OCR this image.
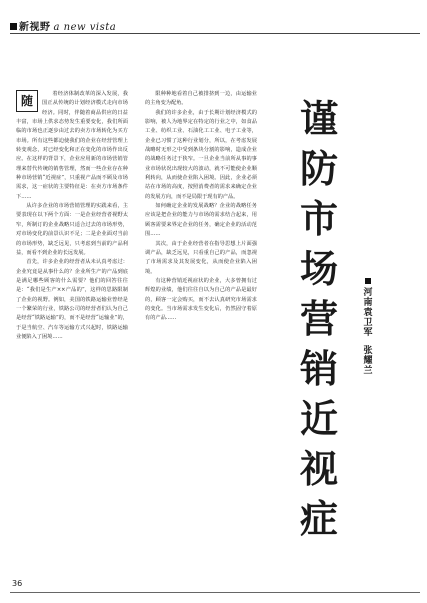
新视野 a new vista
随	着经济体制改革的深入发展，我国正从传统的计划经济模式走向市场经济。同时，伴随着商品供应的日益丰富，市场上供求态势发生重要变化，我们所面临的市场也正逐步由过去的卖方市场转化为买方市场。所有这些都迫使我们的企业在经营管理上转变观念，对已经变化和正在变化的市场作出反应。在这样的背景下，企业应用新的市场营销管理来替代传统的销售管理，然而一些企业存在种种市场营销“近视症”，只重视产品而不顾及市场需求，这一症状的主要特征是：在卖方市场条件下……

从许多企业的市场营销管理的实践来看，主要表现在以下两个方面：一是企业经营者视野太窄，所制订的企业战略只适合过去的市场形势，对市场变化的前景认识不足；二是企业面对当前的市场形势，缺乏远见，只考虑到当前的产品利益，而看不到企业的长远发展。

首先，许多企业的经营者从未认真考虑过：企业究竟是从事什么的？企业所生产的产品到底是满足哪些顾客的什么需要？他们的回答往往是：“我们是生产××产品的”，这样的思路限制了企业的视野。例如，美国的铁路运输业曾经是一个繁荣的行业，铁路公司的经营者们认为自己是经营“铁路运输”的，而不是经营“运输业”的，于是当航空、汽车等运输方式兴起时，铁路运输业便陷入了困境……

限种种地看着自己被排挤到一边，由运输业的主角变为配角。

我们的许多企业，由于长期计划经济模式的影响，被人为地界定在特定的行业之中，如食品工业、纺织工业、石油化工工业、电子工业等，企业已习惯了这种行业划分，所以，在考虑发展战略时无形之中受到条块分割的影响，造成企业的战略任务过于狭窄。一旦企业当前所从事的事业市场状况出现较大的波动，就不可能使企业顺利转向，从而使企业陷入困境。因此，企业必须站在市场的高度，按照消费者的需求来确定企业的发展方向，而不是局限于现有的产品。

如何确定企业的发展战略？企业的战略任务应该是把企业的能力与市场的需求结合起来，用顾客需要来界定企业的任务，确定企业的活动范围……

其次，由于企业经营者在指导思想上片面强调产品，缺乏远见，只看重自己的产品，而忽视了市场需求及其发展变化，从而使企业陷入困境。

有这种营销近视症状的企业，大多曾拥有过辉煌的业绩，他们往往自以为自己的产品是最好的，顾客一定会购买，而不去认真研究市场需求的变化。当市场需求发生变化后，仍然固守着原有的产品……

谨
防
市
场
营
销
近
视
症
河南
袁卫军
张耀兰
36
